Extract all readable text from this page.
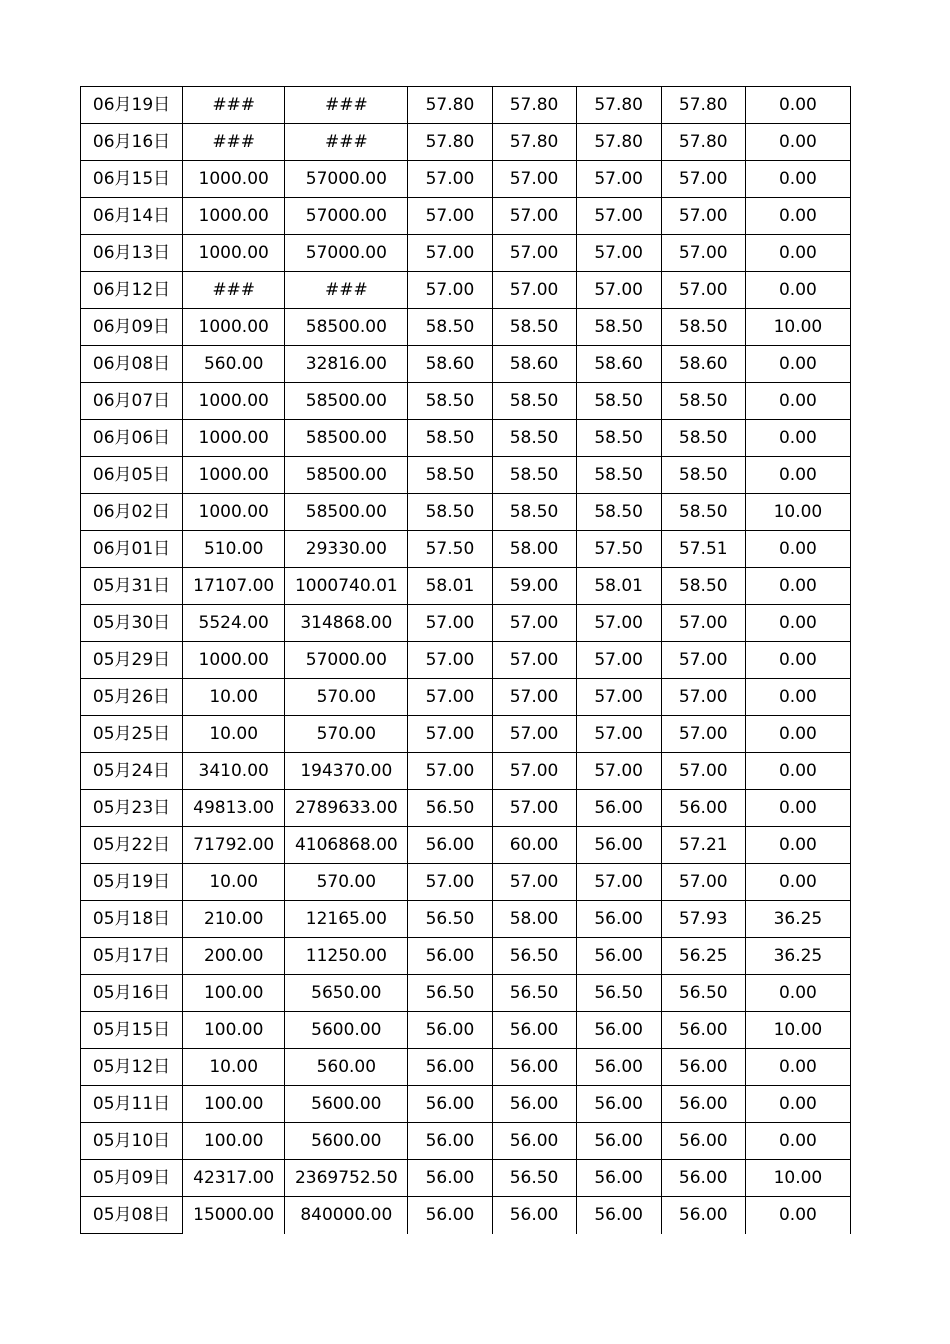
06月19日	###	###	57.80	57.80	57.80	57.80	0.00
06月16日	###	###	57.80	57.80	57.80	57.80	0.00
06月15日	1000.00	57000.00	57.00	57.00	57.00	57.00	0.00
06月14日	1000.00	57000.00	57.00	57.00	57.00	57.00	0.00
06月13日	1000.00	57000.00	57.00	57.00	57.00	57.00	0.00
06月12日	###	###	57.00	57.00	57.00	57.00	0.00
06月09日	1000.00	58500.00	58.50	58.50	58.50	58.50	10.00
06月08日	560.00	32816.00	58.60	58.60	58.60	58.60	0.00
06月07日	1000.00	58500.00	58.50	58.50	58.50	58.50	0.00
06月06日	1000.00	58500.00	58.50	58.50	58.50	58.50	0.00
06月05日	1000.00	58500.00	58.50	58.50	58.50	58.50	0.00
06月02日	1000.00	58500.00	58.50	58.50	58.50	58.50	10.00
06月01日	510.00	29330.00	57.50	58.00	57.50	57.51	0.00
05月31日	17107.00	1000740.01	58.01	59.00	58.01	58.50	0.00
05月30日	5524.00	314868.00	57.00	57.00	57.00	57.00	0.00
05月29日	1000.00	57000.00	57.00	57.00	57.00	57.00	0.00
05月26日	10.00	570.00	57.00	57.00	57.00	57.00	0.00
05月25日	10.00	570.00	57.00	57.00	57.00	57.00	0.00
05月24日	3410.00	194370.00	57.00	57.00	57.00	57.00	0.00
05月23日	49813.00	2789633.00	56.50	57.00	56.00	56.00	0.00
05月22日	71792.00	4106868.00	56.00	60.00	56.00	57.21	0.00
05月19日	10.00	570.00	57.00	57.00	57.00	57.00	0.00
05月18日	210.00	12165.00	56.50	58.00	56.00	57.93	36.25
05月17日	200.00	11250.00	56.00	56.50	56.00	56.25	36.25
05月16日	100.00	5650.00	56.50	56.50	56.50	56.50	0.00
05月15日	100.00	5600.00	56.00	56.00	56.00	56.00	10.00
05月12日	10.00	560.00	56.00	56.00	56.00	56.00	0.00
05月11日	100.00	5600.00	56.00	56.00	56.00	56.00	0.00
05月10日	100.00	5600.00	56.00	56.00	56.00	56.00	0.00
05月09日	42317.00	2369752.50	56.00	56.50	56.00	56.00	10.00
05月08日	15000.00	840000.00	56.00	56.00	56.00	56.00	0.00
